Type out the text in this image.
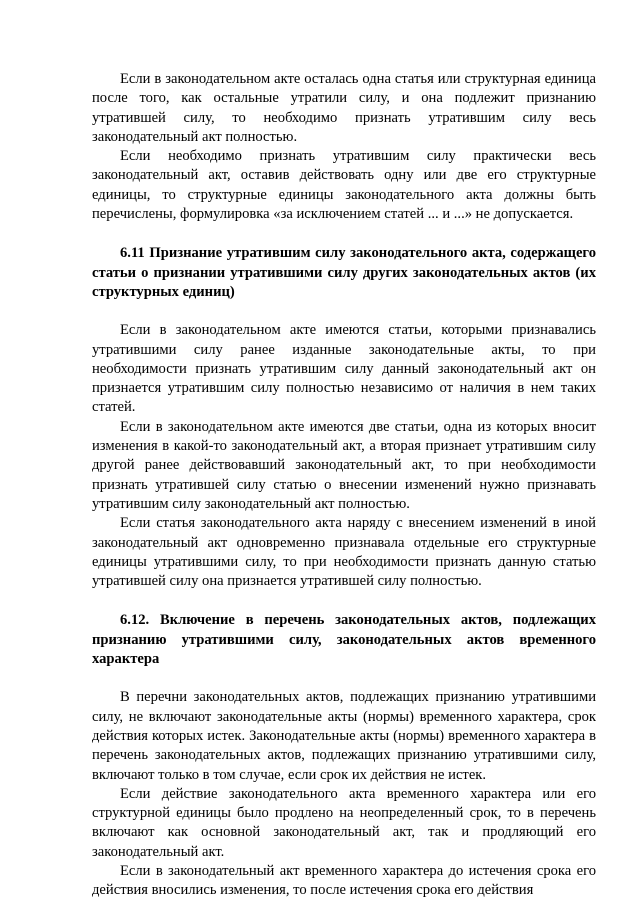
Если в законодательном акте осталась одна статья или структурная единица после того, как остальные утратили силу, и она подлежит признанию утратившей силу, то необходимо признать утратившим силу весь законодательный акт полностью.

Если необходимо признать утратившим силу практически весь законодательный акт, оставив действовать одну или две его структурные единицы, то структурные единицы законодательного акта должны быть перечислены, формулировка «за исключением статей ... и ...» не допускается.

6.11 Признание утратившим силу законодательного акта, содержащего статьи о признании утратившими силу других законодательных актов (их структурных единиц)

Если в законодательном акте имеются статьи, которыми признавались утратившими силу ранее изданные законодательные акты, то при необходимости признать утратившим силу данный законодательный акт он признается утратившим силу полностью независимо от наличия в нем таких статей.

Если в законодательном акте имеются две статьи, одна из которых вносит изменения в какой-то законодательный акт, а вторая признает утратившим силу другой ранее действовавший законодательный акт, то при необходимости признать утратившей силу статью о внесении изменений нужно признавать утратившим силу законодательный акт полностью.

Если статья законодательного акта наряду с внесением изменений в иной законодательный акт одновременно признавала отдельные его структурные единицы утратившими силу, то при необходимости признать данную статью утратившей силу она признается утратившей силу полностью.

6.12. Включение в перечень законодательных актов, подлежащих признанию утратившими силу, законодательных актов временного характера

В перечни законодательных актов, подлежащих признанию утратившими силу, не включают законодательные акты (нормы) временного характера, срок действия которых истек. Законодательные акты (нормы) временного характера в перечень законодательных актов, подлежащих признанию утратившими силу, включают только в том случае, если срок их действия не истек.

Если действие законодательного акта временного характера или его структурной единицы было продлено на неопределенный срок, то в перечень включают как основной законодательный акт, так и продляющий его законодательный акт.

Если в законодательный акт временного характера до истечения срока его действия вносились изменения, то после истечения срока его действия
